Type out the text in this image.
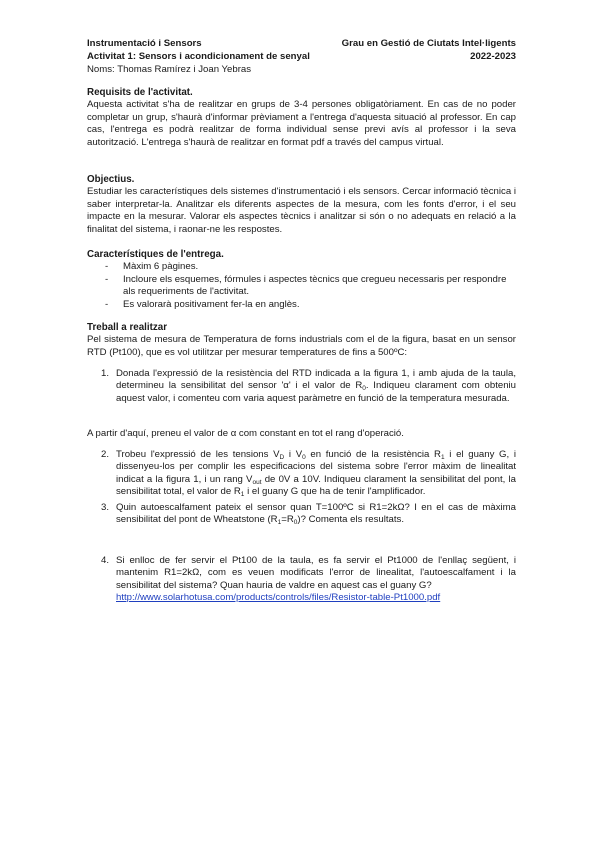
Instrumentació i Sensors	Grau en Gestió de Ciutats Intel·ligents
Activitat 1: Sensors i acondicionament de senyal	2022-2023
Noms: Thomas Ramírez i Joan Yebras
Requisits de l'activitat.

Aquesta activitat s'ha de realitzar en grups de 3-4 persones obligatòriament. En cas de no poder completar un grup, s'haurà d'informar prèviament a l'entrega d'aquesta situació al professor. En cap cas, l'entrega es podrà realitzar de forma individual sense previ avís al professor i la seva autorització. L'entrega s'haurà de realitzar en format pdf a través del campus virtual.

Objectius.

Estudiar les característiques dels sistemes d'instrumentació i els sensors. Cercar informació tècnica i saber interpretar-la. Analitzar els diferents aspectes de la mesura, com les fonts d'error, i el seu impacte en la mesurar. Valorar els aspectes tècnics i analitzar si són o no adequats en relació a la finalitat del sistema, i raonar-ne les respostes.

Característiques de l'entrega.
- Màxim 6 pàgines.
- Incloure els esquemes, fórmules i aspectes tècnics que cregueu necessaris per respondre als requeriments de l'activitat.
- Es valorarà positivament fer-la en anglès.
Treball a realitzar

Pel sistema de mesura de Temperatura de forns industrials com el de la figura, basat en un sensor RTD (Pt100), que es vol utilitzar per mesurar temperatures de fins a 500ºC:

1. Donada l'expressió de la resistència del RTD indicada a la figura 1, i amb ajuda de la taula, determineu la sensibilitat del sensor 'α' i el valor de $R_0$. Indiqueu clarament com obteniu aquest valor, i comenteu com varia aquest paràmetre en funció de la temperatura mesurada.

A partir d'aquí, preneu el valor de α com constant en tot el rang d'operació.

2. Trobeu l'expressió de les tensions $V_D$ i $V_0$ en funció de la resistència $R_1$ i el guany G, i dissenyeu-los per complir les especificacions del sistema sobre l'error màxim de linealitat indicat a la figura 1, i un rang $V_{out}$ de 0V a 10V. Indiqueu clarament la sensibilitat del pont, la sensibilitat total, el valor de $R_1$ i el guany G que ha de tenir l'amplificador.
3. Quin autoescalfament pateix el sensor quan T=100ºC si R1=2kΩ? I en el cas de màxima sensibilitat del pont de Wheatstone $(R_1=R_0)$? Comenta els resultats.
4. Si enlloc de fer servir el Pt100 de la taula, es fa servir el Pt1000 de l'enllaç següent, i mantenim R1=2kΩ, com es veuen modificats l'error de linealitat, l'autoescalfament i la sensibilitat del sistema? Quan hauria de valdre en aquest cas el guany G?
http://www.solarhotusa.com/products/controls/files/Resistor-table-Pt1000.pdf
